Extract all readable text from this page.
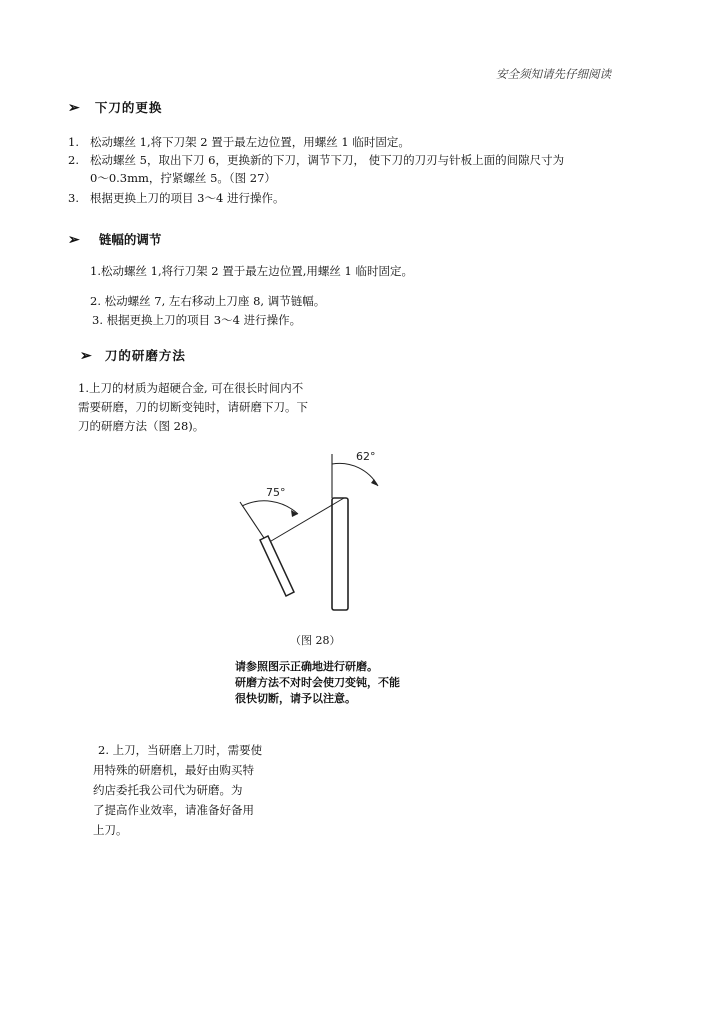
安全须知请先仔细阅读
➢ 下刀的更换
1. 松动螺丝 1,将下刀架 2 置于最左边位置，用螺丝 1 临时固定。
2. 松动螺丝 5，取出下刀 6，更换新的下刀，调节下刀， 使下刀的刀刃与针板上面的间隙尺寸为
0～0.3mm，拧紧螺丝 5。（图 27）
3. 根据更换上刀的项目 3～4 进行操作。
➢ 链幅的调节
1.松动螺丝 1,将行刀架 2 置于最左边位置,用螺丝 1 临时固定。
2. 松动螺丝 7, 左右移动上刀座 8, 调节链幅。
3. 根据更换上刀的项目 3～4 进行操作。
➢ 刀的研磨方法
1.上刀的材质为超硬合金, 可在很长时间内不
需要研磨，刀的切断变钝时，请研磨下刀。下
刀的研磨方法（图 28)。
75°
62°
（图 28）
请参照图示正确地进行研磨。
研磨方法不对时会使刀变钝，不能
很快切断，请予以注意。
2. 上刀，当研磨上刀时，需要使
用特殊的研磨机，最好由购买特
约店委托我公司代为研磨。为
了提高作业效率，请准备好备用
上刀。
